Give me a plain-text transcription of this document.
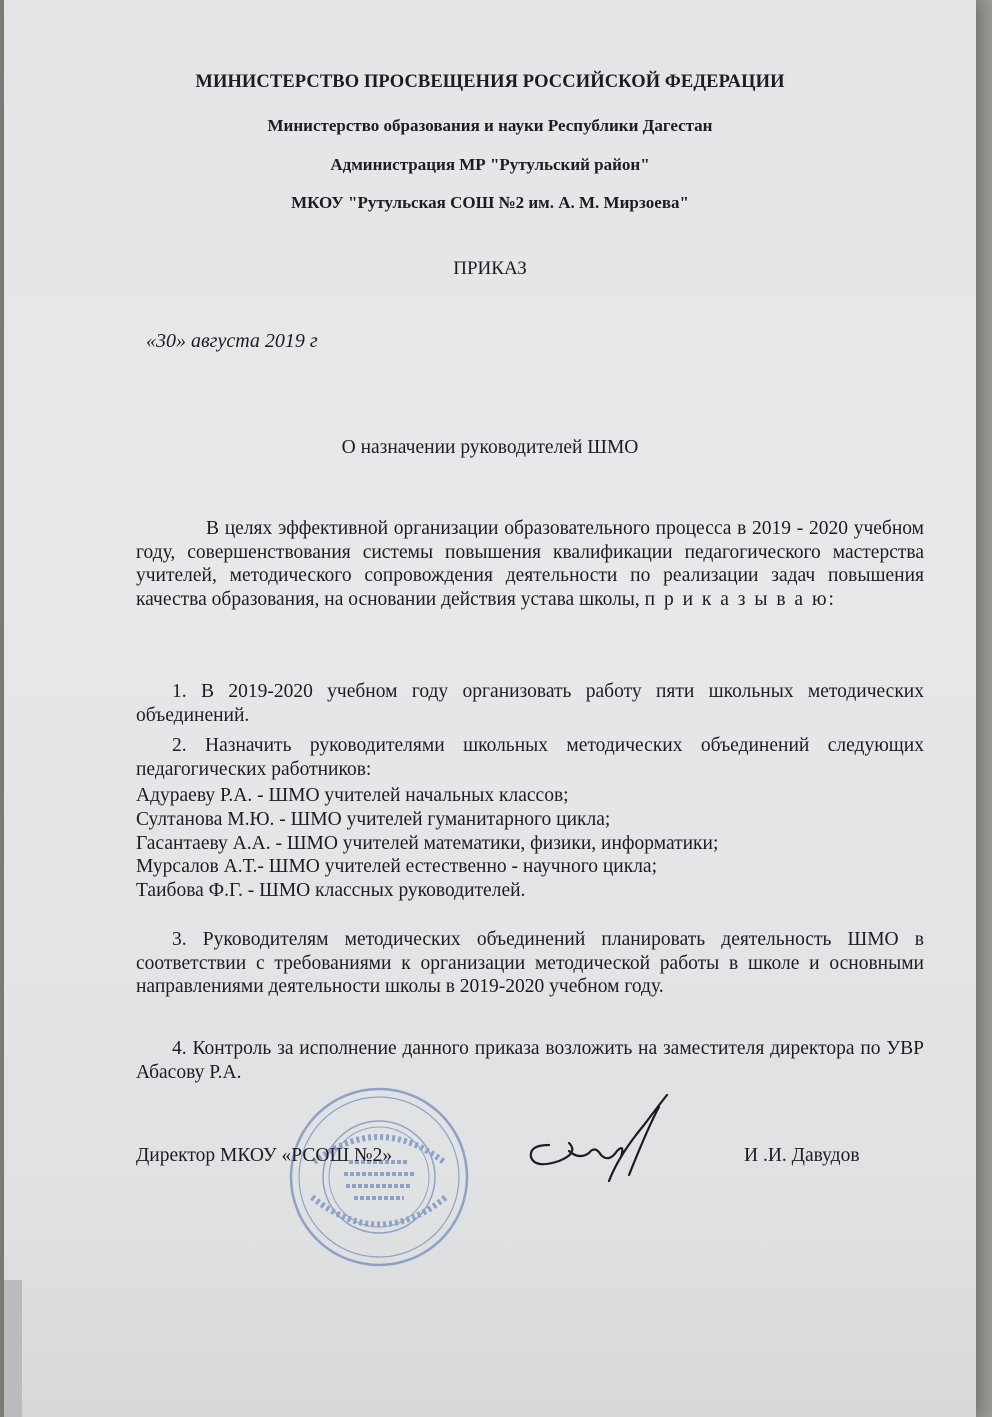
МИНИСТЕРСТВО ПРОСВЕЩЕНИЯ РОССИЙСКОЙ ФЕДЕРАЦИИ
Министерство образования и науки Республики Дагестан
Администрация МР "Рутульский район"
МКОУ "Рутульская СОШ №2 им. А. М. Мирзоева"
ПРИКАЗ
«30» августа 2019 г
О назначении руководителей ШМО
В целях эффективной организации образовательного процесса в 2019 - 2020 учебном году, совершенствования системы повышения квалификации педагогического мастерства учителей, методического сопровождения деятельности по реализации задач повышения качества образования, на основании действия устава школы, п р и к а з ы в а ю:
1. В 2019-2020 учебном году организовать работу пяти школьных методических объединений.
2. Назначить руководителями школьных методических объединений следующих педагогических работников:
Адураеву Р.А. - ШМО учителей начальных классов;
Султанова М.Ю. - ШМО учителей гуманитарного цикла;
Гасантаеву А.А. - ШМО учителей математики, физики, информатики;
Мурсалов А.Т.- ШМО учителей естественно - научного цикла;
Таибова Ф.Г. - ШМО классных руководителей.
3. Руководителям методических объединений планировать деятельность ШМО в соответствии с требованиями к организации методической работы в школе и основными направлениями деятельности школы в 2019-2020 учебном году.
4. Контроль за исполнение данного приказа возложить на заместителя директора по УВР Абасову Р.А.
Директор МКОУ «РСОШ №2»	И .И. Давудов
